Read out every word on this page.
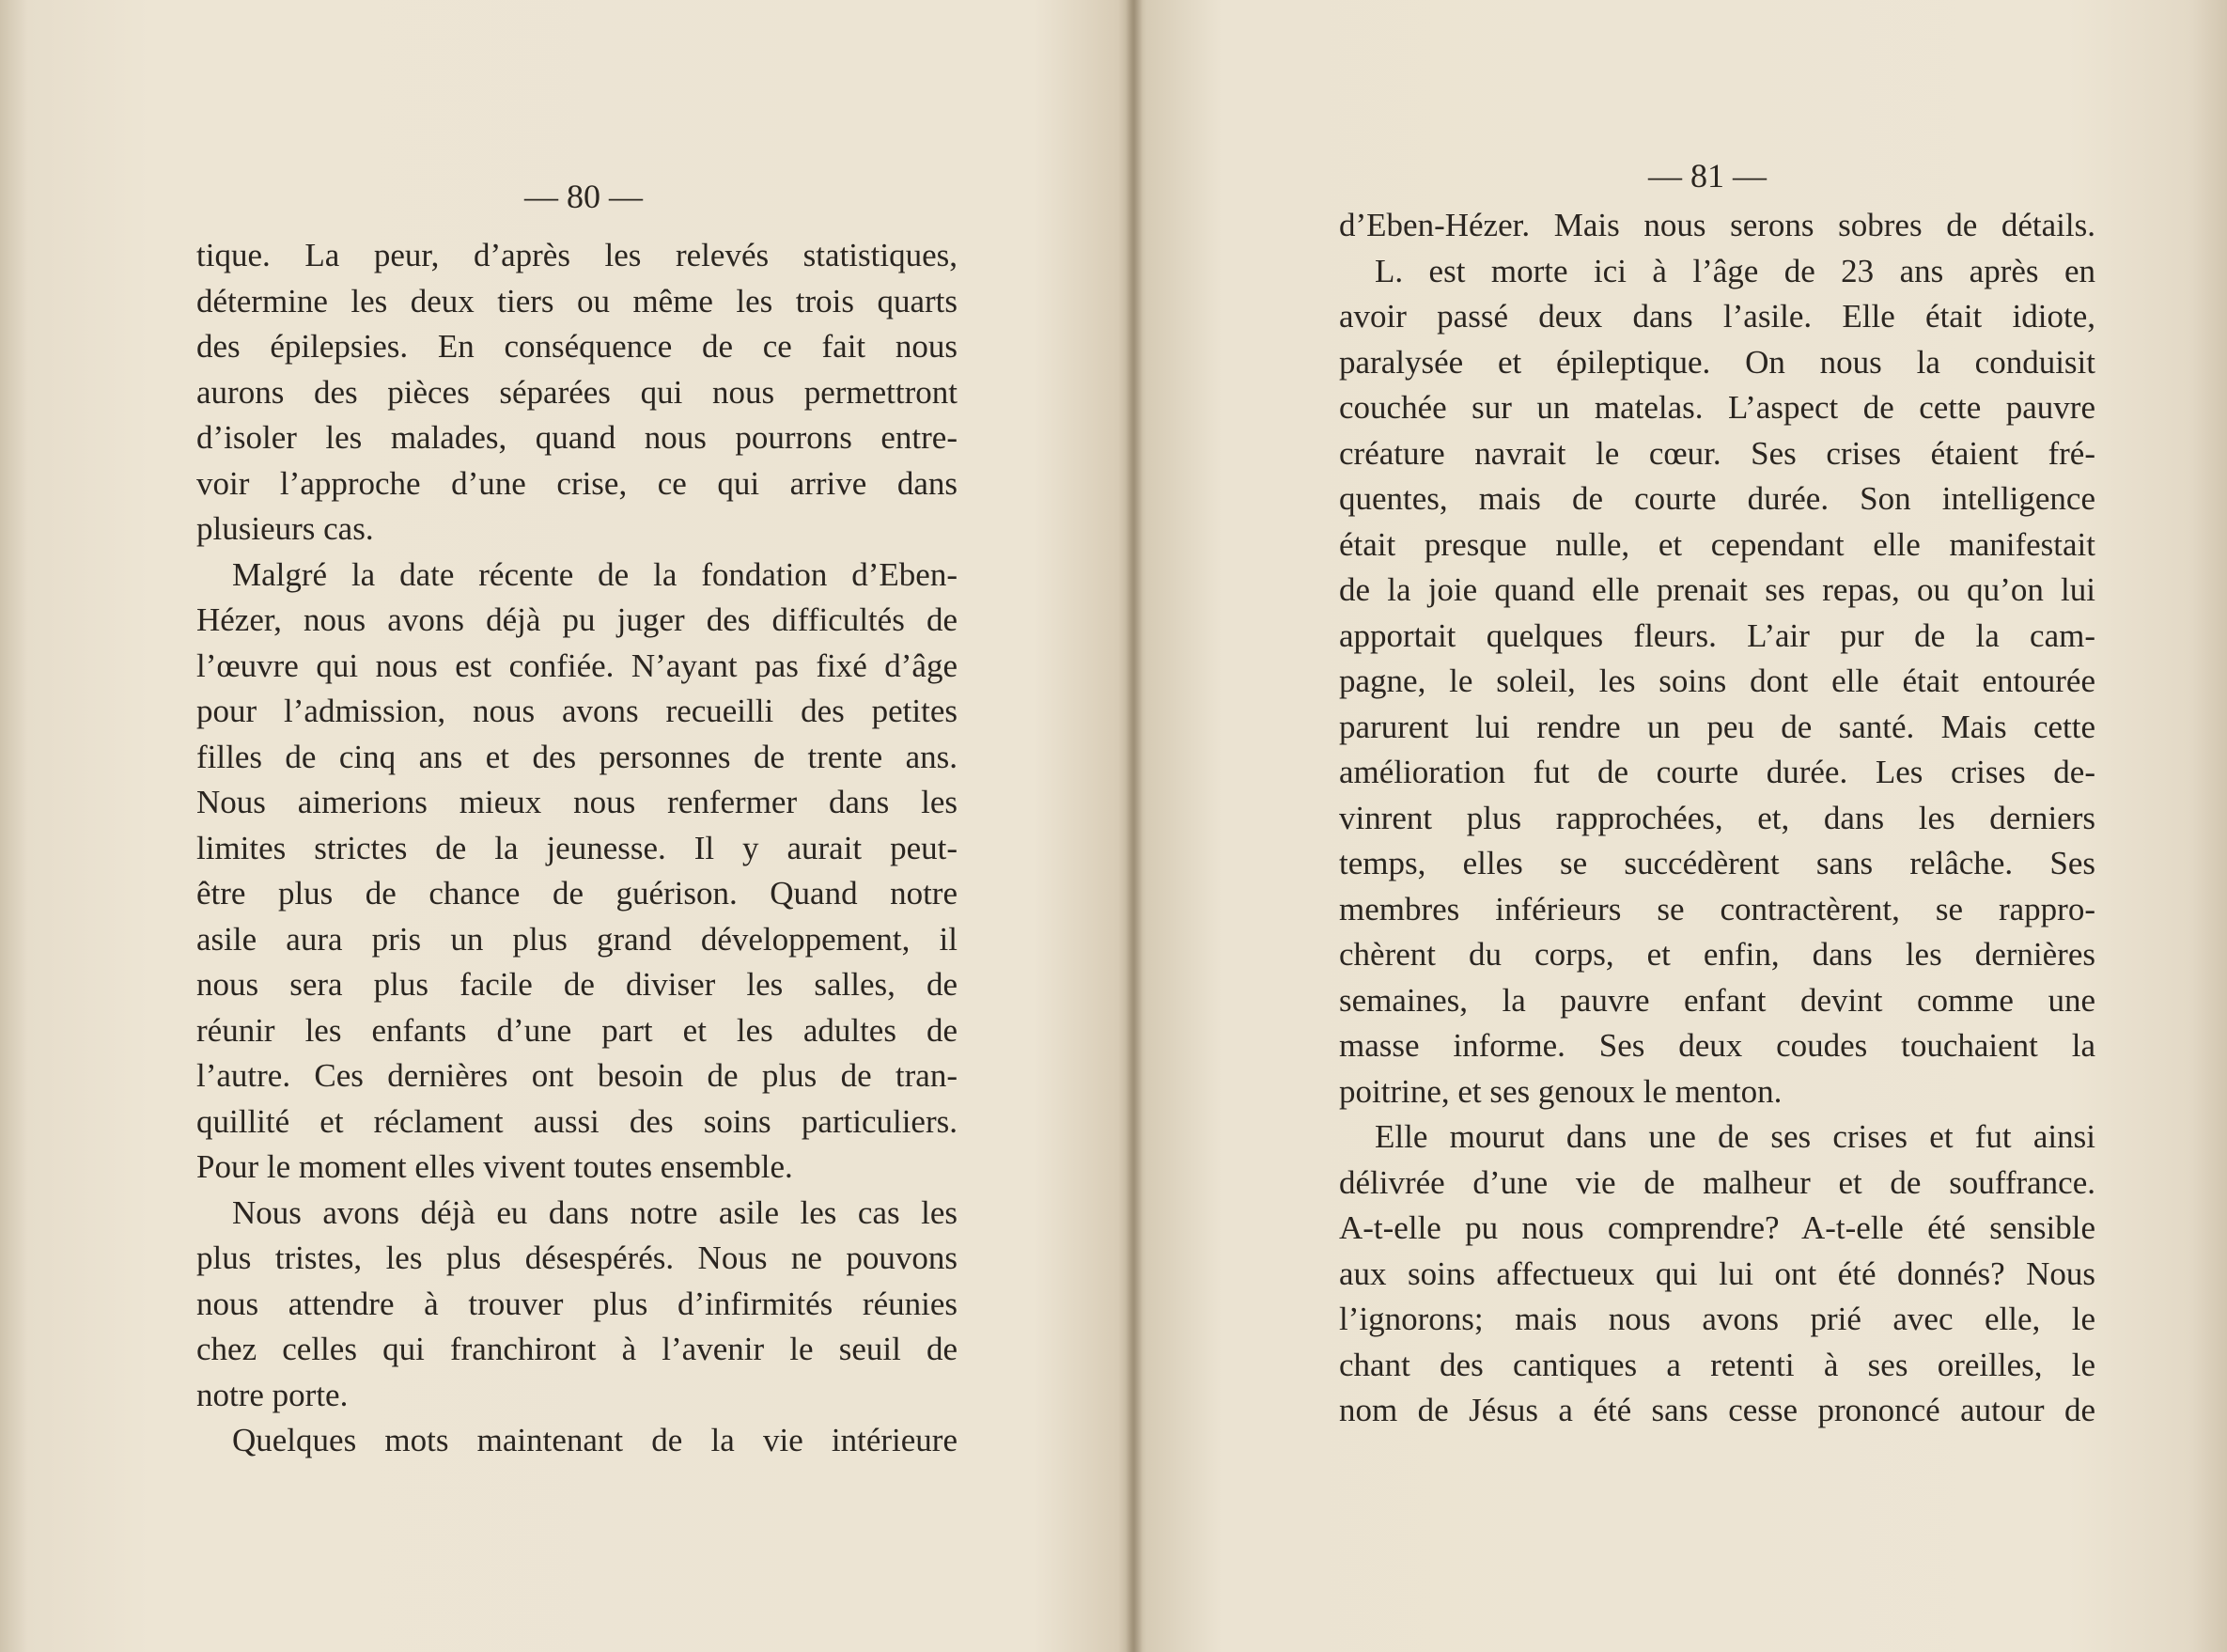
— 80 —
tique. La peur, d’après les relevés statistiques,
détermine les deux tiers ou même les trois quarts
des épilepsies. En conséquence de ce fait nous
aurons des pièces séparées qui nous permettront
d’isoler les malades, quand nous pourrons entre-
voir l’approche d’une crise, ce qui arrive dans
plusieurs cas.
Malgré la date récente de la fondation d’Eben-
Hézer, nous avons déjà pu juger des difficultés de
l’œuvre qui nous est confiée. N’ayant pas fixé d’âge
pour l’admission, nous avons recueilli des petites
filles de cinq ans et des personnes de trente ans.
Nous aimerions mieux nous renfermer dans les
limites strictes de la jeunesse. Il y aurait peut-
être plus de chance de guérison. Quand notre
asile aura pris un plus grand développement, il
nous sera plus facile de diviser les salles, de
réunir les enfants d’une part et les adultes de
l’autre. Ces dernières ont besoin de plus de tran-
quillité et réclament aussi des soins particuliers.
Pour le moment elles vivent toutes ensemble.
Nous avons déjà eu dans notre asile les cas les
plus tristes, les plus désespérés. Nous ne pouvons
nous attendre à trouver plus d’infirmités réunies
chez celles qui franchiront à l’avenir le seuil de
notre porte.
Quelques mots maintenant de la vie intérieure
— 81 —
d’Eben-Hézer. Mais nous serons sobres de détails.
L. est morte ici à l’âge de 23 ans après en
avoir passé deux dans l’asile. Elle était idiote,
paralysée et épileptique. On nous la conduisit
couchée sur un matelas. L’aspect de cette pauvre
créature navrait le cœur. Ses crises étaient fré-
quentes, mais de courte durée. Son intelligence
était presque nulle, et cependant elle manifestait
de la joie quand elle prenait ses repas, ou qu’on lui
apportait quelques fleurs. L’air pur de la cam-
pagne, le soleil, les soins dont elle était entourée
parurent lui rendre un peu de santé. Mais cette
amélioration fut de courte durée. Les crises de-
vinrent plus rapprochées, et, dans les derniers
temps, elles se succédèrent sans relâche. Ses
membres inférieurs se contractèrent, se rappro-
chèrent du corps, et enfin, dans les dernières
semaines, la pauvre enfant devint comme une
masse informe. Ses deux coudes touchaient la
poitrine, et ses genoux le menton.
Elle mourut dans une de ses crises et fut ainsi
délivrée d’une vie de malheur et de souffrance.
A-t-elle pu nous comprendre? A-t-elle été sensible
aux soins affectueux qui lui ont été donnés? Nous
l’ignorons; mais nous avons prié avec elle, le
chant des cantiques a retenti à ses oreilles, le
nom de Jésus a été sans cesse prononcé autour de
